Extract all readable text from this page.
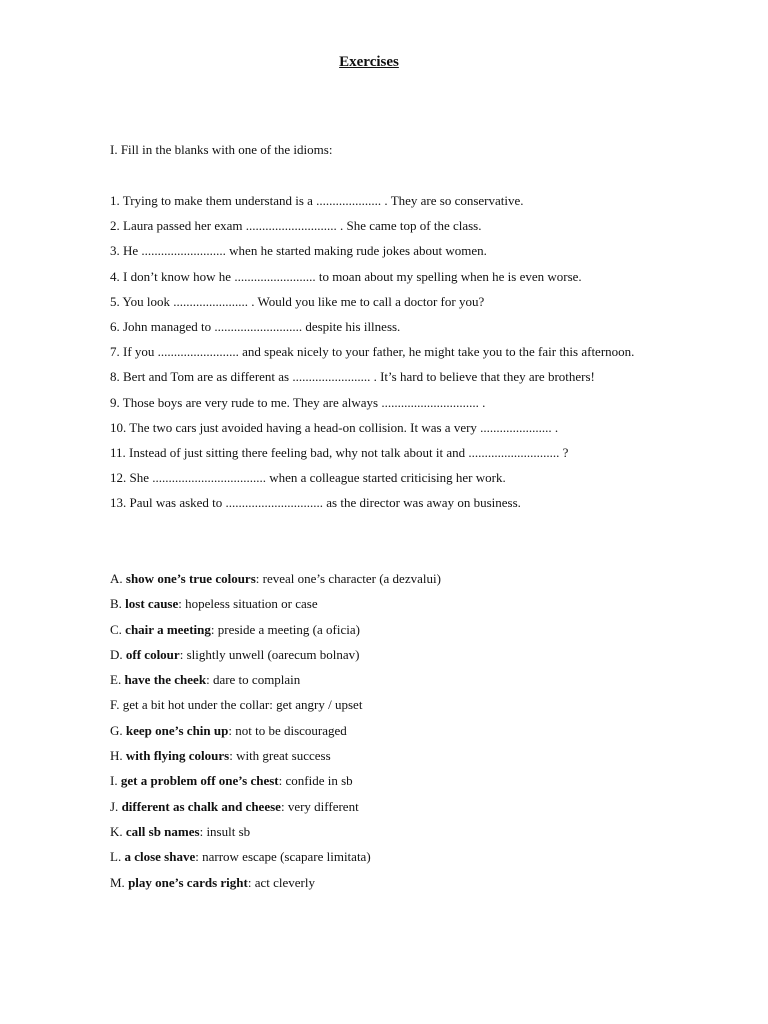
Exercises
I. Fill in the blanks with one of the idioms:
1. Trying to make them understand is a .................... . They are so conservative.
2. Laura passed her exam ............................ . She came top of the class.
3. He .......................... when he started making rude jokes about women.
4. I don’t know how he ......................... to moan about my spelling when he is even worse.
5. You look ....................... . Would you like me to call a doctor for you?
6. John managed to ........................... despite his illness.
7. If you ......................... and speak nicely to your father, he might take you to the fair this afternoon.
8. Bert and Tom are as different as ........................ . It’s hard to believe that they are brothers!
9. Those boys are very rude to me. They are always .............................. .
10. The two cars just avoided having a head-on collision. It was a very ...................... .
11. Instead of just sitting there feeling bad, why not talk about it and ............................ ?
12. She ................................... when a colleague started criticising her work.
13. Paul was asked to .............................. as the director was away on business.
A. show one’s true colours: reveal one’s character (a dezvalui)
B. lost cause: hopeless situation or case
C. chair a meeting: preside a meeting (a oficia)
D. off colour: slightly unwell (oarecum bolnav)
E. have the cheek: dare to complain
F. get a bit hot under the collar: get angry / upset
G. keep one’s chin up: not to be discouraged
H. with flying colours: with great success
I. get a problem off one’s chest: confide in sb
J. different as chalk and cheese: very different
K. call sb names: insult sb
L. a close shave: narrow escape (scapare limitata)
M. play one’s cards right: act cleverly
